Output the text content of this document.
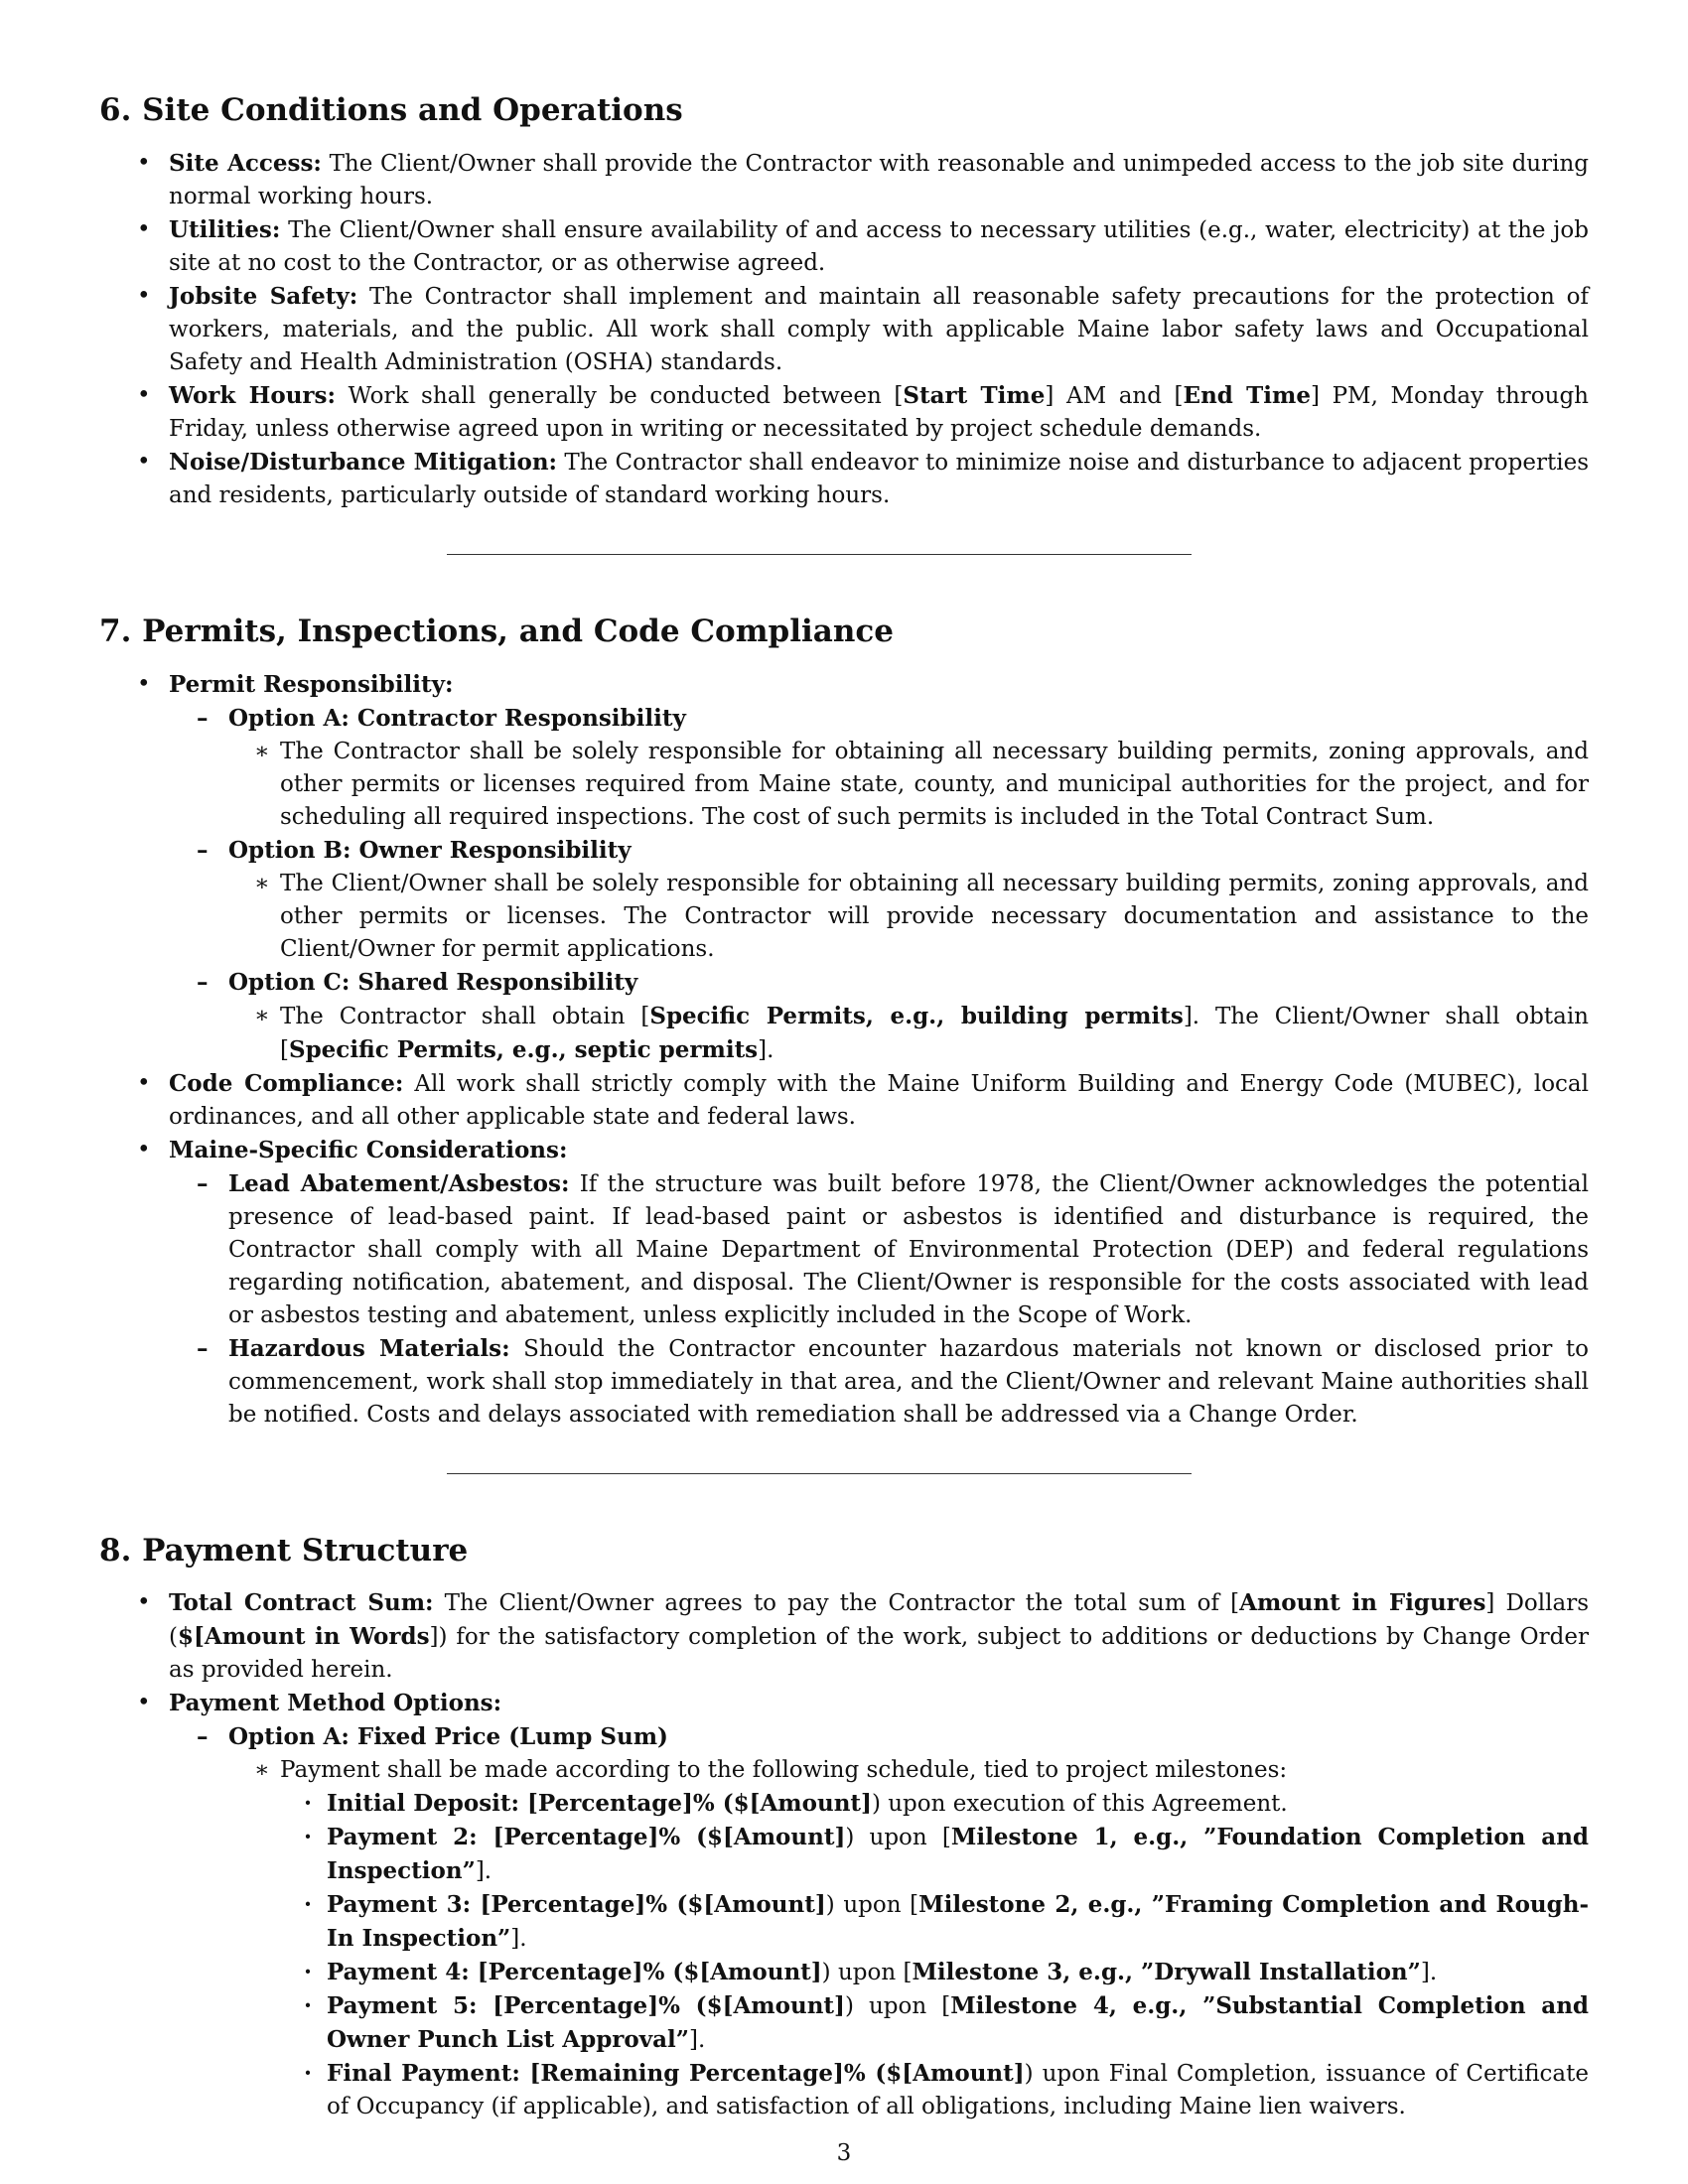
6. Site Conditions and Operations
• Site Access: The Client/Owner shall provide the Contractor with reasonable and unimpeded access to the job site during normal working hours.
• Utilities: The Client/Owner shall ensure availability of and access to necessary utilities (e.g., water, electricity) at the job site at no cost to the Contractor, or as otherwise agreed.
• Jobsite Safety: The Contractor shall implement and maintain all reasonable safety precautions for the protection of workers, materials, and the public. All work shall comply with applicable Maine labor safety laws and Occupational Safety and Health Administration (OSHA) standards.
• Work Hours: Work shall generally be conducted between [Start Time] AM and [End Time] PM, Monday through Friday, unless otherwise agreed upon in writing or necessitated by project schedule demands.
• Noise/Disturbance Mitigation: The Contractor shall endeavor to minimize noise and disturbance to adjacent properties and residents, particularly outside of standard working hours.
7. Permits, Inspections, and Code Compliance
• Permit Responsibility:
– Option A: Contractor Responsibility
∗ The Contractor shall be solely responsible for obtaining all necessary building permits, zoning approvals, and other permits or licenses required from Maine state, county, and municipal authorities for the project, and for scheduling all required inspections. The cost of such permits is included in the Total Contract Sum.
– Option B: Owner Responsibility
∗ The Client/Owner shall be solely responsible for obtaining all necessary building permits, zoning approvals, and other permits or licenses. The Contractor will provide necessary documentation and assistance to the Client/Owner for permit applications.
– Option C: Shared Responsibility
∗ The Contractor shall obtain [Specific Permits, e.g., building permits]. The Client/Owner shall obtain [Specific Permits, e.g., septic permits].
• Code Compliance: All work shall strictly comply with the Maine Uniform Building and Energy Code (MUBEC), local ordinances, and all other applicable state and federal laws.
• Maine-Specific Considerations:
– Lead Abatement/Asbestos: If the structure was built before 1978, the Client/Owner acknowledges the potential presence of lead-based paint. If lead-based paint or asbestos is identified and disturbance is required, the Contractor shall comply with all Maine Department of Environmental Protection (DEP) and federal regulations regarding notification, abatement, and disposal. The Client/Owner is responsible for the costs associated with lead or asbestos testing and abatement, unless explicitly included in the Scope of Work.
– Hazardous Materials: Should the Contractor encounter hazardous materials not known or disclosed prior to commencement, work shall stop immediately in that area, and the Client/Owner and relevant Maine authorities shall be notified. Costs and delays associated with remediation shall be addressed via a Change Order.
8. Payment Structure
• Total Contract Sum: The Client/Owner agrees to pay the Contractor the total sum of [Amount in Figures] Dollars ($[Amount in Words]) for the satisfactory completion of the work, subject to additions or deductions by Change Order as provided herein.
• Payment Method Options:
– Option A: Fixed Price (Lump Sum)
∗ Payment shall be made according to the following schedule, tied to project milestones:
· Initial Deposit: [Percentage]% ($[Amount]) upon execution of this Agreement.
· Payment 2: [Percentage]% ($[Amount]) upon [Milestone 1, e.g., ”Foundation Completion and Inspection”].
· Payment 3: [Percentage]% ($[Amount]) upon [Milestone 2, e.g., ”Framing Completion and Rough-In Inspection”].
· Payment 4: [Percentage]% ($[Amount]) upon [Milestone 3, e.g., ”Drywall Installation”].
· Payment 5: [Percentage]% ($[Amount]) upon [Milestone 4, e.g., ”Substantial Completion and Owner Punch List Approval”].
· Final Payment: [Remaining Percentage]% ($[Amount]) upon Final Completion, issuance of Certificate of Occupancy (if applicable), and satisfaction of all obligations, including Maine lien waivers.
3
